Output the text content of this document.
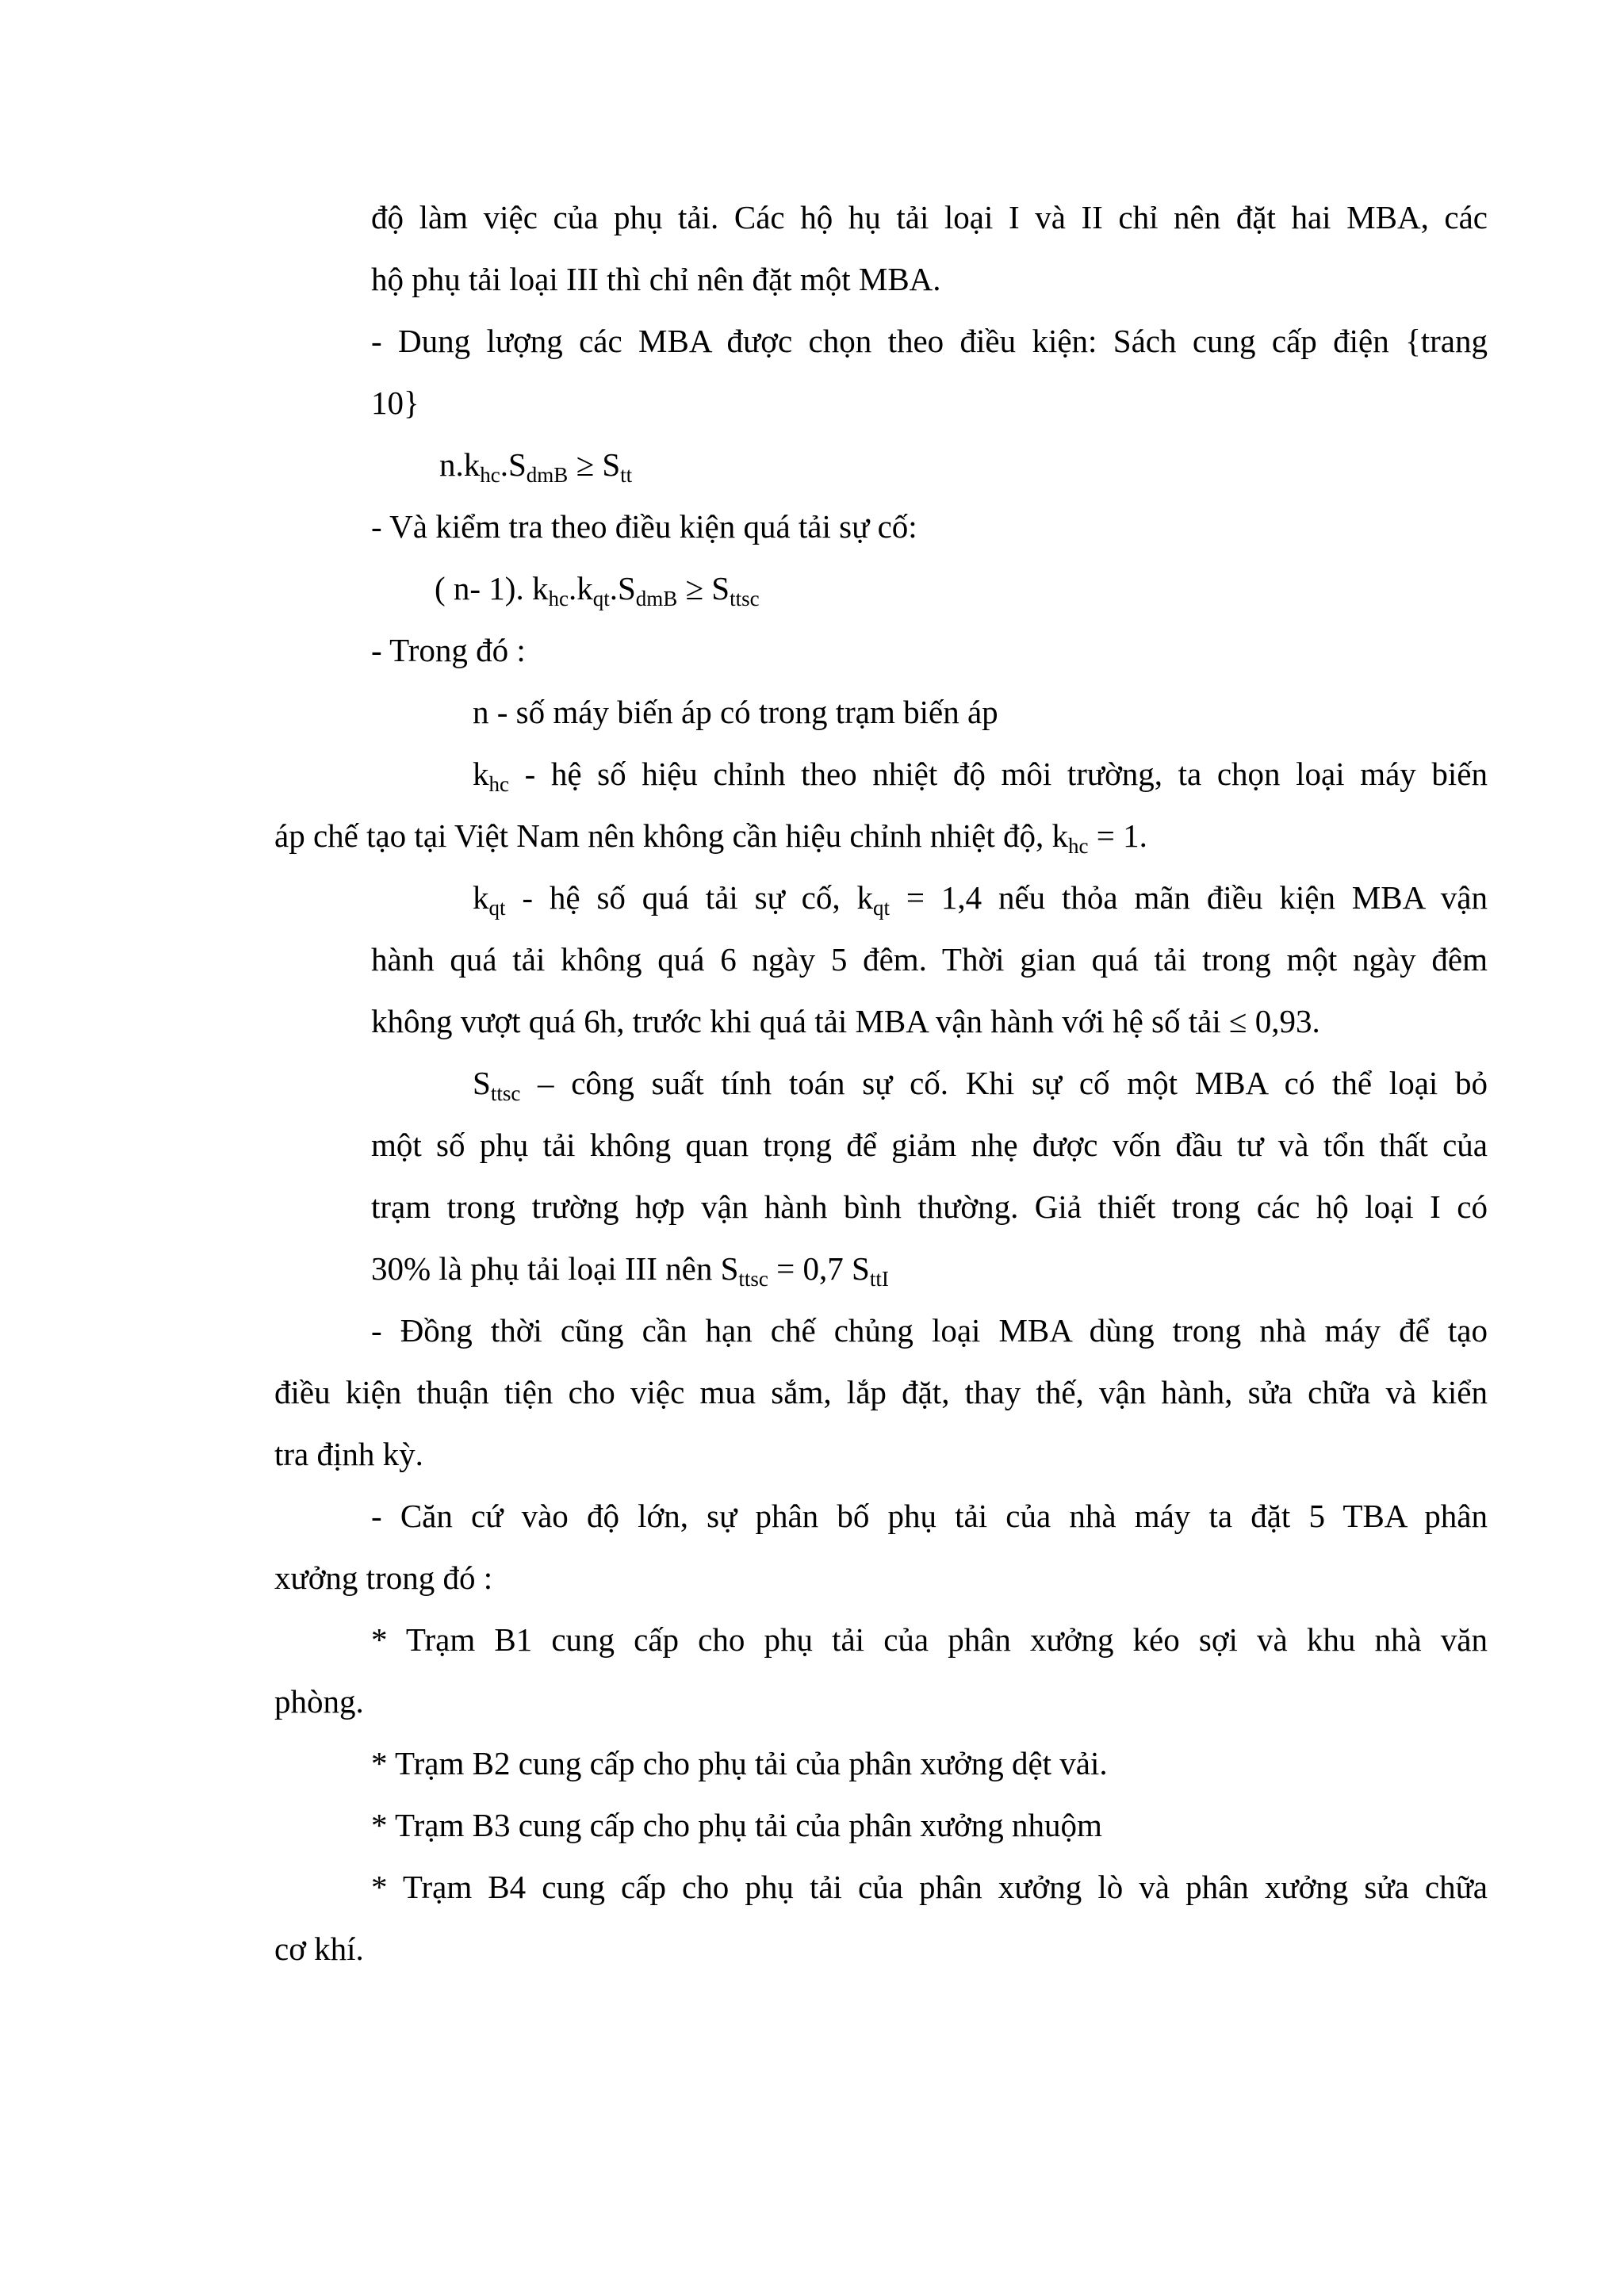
độ làm việc của phụ tải. Các hộ hụ tải loại I và II chỉ nên đặt hai MBA, các
hộ phụ tải loại III thì chỉ nên đặt một MBA.
- Dung lượng các MBA được chọn theo điều kiện: Sách cung cấp điện {trang
10}
$n.k_{hc}.S_{dmB} \ge S_{tt}$
- Và kiểm tra theo điều kiện quá tải sự cố:
( n- 1). $k_{hc}.k_{qt}.S_{dmB} \ge S_{ttsc}$
- Trong đó :
n - số máy biến áp có trong trạm biến áp
$k_{hc}$ - hệ số hiệu chỉnh theo nhiệt độ môi trường, ta chọn loại máy biến
áp chế tạo tại Việt Nam nên không cần hiệu chỉnh nhiệt độ, $k_{hc} = 1$.
$k_{qt}$ - hệ số quá tải sự cố, $k_{qt} = 1,4$ nếu thỏa mãn điều kiện MBA vận
hành quá tải không quá 6 ngày 5 đêm. Thời gian quá tải trong một ngày đêm
không vượt quá 6h, trước khi quá tải MBA vận hành với hệ số tải ≤ 0,93.
$S_{ttsc}$ – công suất tính toán sự cố. Khi sự cố một MBA có thể loại bỏ
một số phụ tải không quan trọng để giảm nhẹ được vốn đầu tư và tổn thất của
trạm trong trường hợp vận hành bình thường. Giả thiết trong các hộ loại I có
30% là phụ tải loại III nên $S_{ttsc} = 0,7$ $S_{ttI}$
- Đồng thời cũng cần hạn chế chủng loại MBA dùng trong nhà máy để tạo
điều kiện thuận tiện cho việc mua sắm, lắp đặt, thay thế, vận hành, sửa chữa và kiển
tra định kỳ.
- Căn cứ vào độ lớn, sự phân bố phụ tải của nhà máy ta đặt 5 TBA phân
xưởng trong đó :
* Trạm B1 cung cấp cho phụ tải của phân xưởng kéo sợi và khu nhà văn
phòng.
* Trạm B2 cung cấp cho phụ tải của phân xưởng dệt vải.
* Trạm B3 cung cấp cho phụ tải của phân xưởng nhuộm
* Trạm B4 cung cấp cho phụ tải của phân xưởng lò và phân xưởng sửa chữa
cơ khí.
